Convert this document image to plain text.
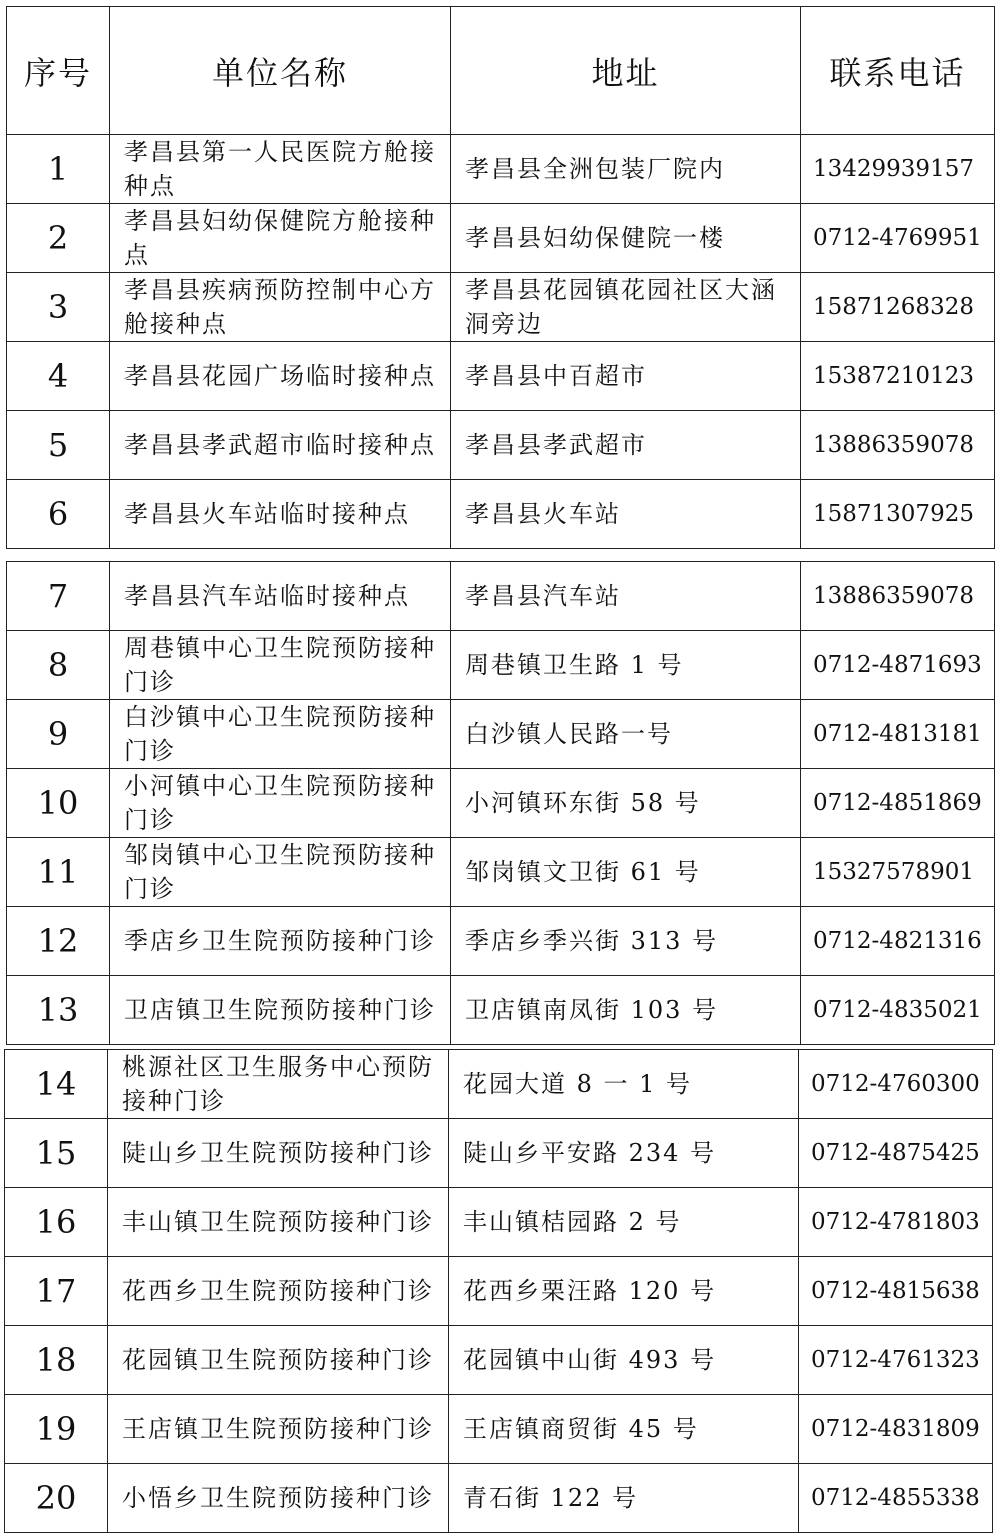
序号	单位名称	地址	联系电话
1	孝昌县第一人民医院方舱接种点	孝昌县全洲包装厂院内	13429939157
2	孝昌县妇幼保健院方舱接种点	孝昌县妇幼保健院一楼	0712-4769951
3	孝昌县疾病预防控制中心方舱接种点	孝昌县花园镇花园社区大涵洞旁边	15871268328
4	孝昌县花园广场临时接种点	孝昌县中百超市	15387210123
5	孝昌县孝武超市临时接种点	孝昌县孝武超市	13886359078
6	孝昌县火车站临时接种点	孝昌县火车站	15871307925
7	孝昌县汽车站临时接种点	孝昌县汽车站	13886359078
8	周巷镇中心卫生院预防接种门诊	周巷镇卫生路 1 号	0712-4871693
9	白沙镇中心卫生院预防接种门诊	白沙镇人民路一号	0712-4813181
10	小河镇中心卫生院预防接种门诊	小河镇环东街 58 号	0712-4851869
11	邹岗镇中心卫生院预防接种门诊	邹岗镇文卫街 61 号	15327578901
12	季店乡卫生院预防接种门诊	季店乡季兴街 313 号	0712-4821316
13	卫店镇卫生院预防接种门诊	卫店镇南凤街 103 号	0712-4835021
14	桃源社区卫生服务中心预防接种门诊	花园大道 8 一 1 号	0712-4760300
15	陡山乡卫生院预防接种门诊	陡山乡平安路 234 号	0712-4875425
16	丰山镇卫生院预防接种门诊	丰山镇桔园路 2 号	0712-4781803
17	花西乡卫生院预防接种门诊	花西乡栗汪路 120 号	0712-4815638
18	花园镇卫生院预防接种门诊	花园镇中山街 493 号	0712-4761323
19	王店镇卫生院预防接种门诊	王店镇商贸街 45 号	0712-4831809
20	小悟乡卫生院预防接种门诊	青石街 122 号	0712-4855338
